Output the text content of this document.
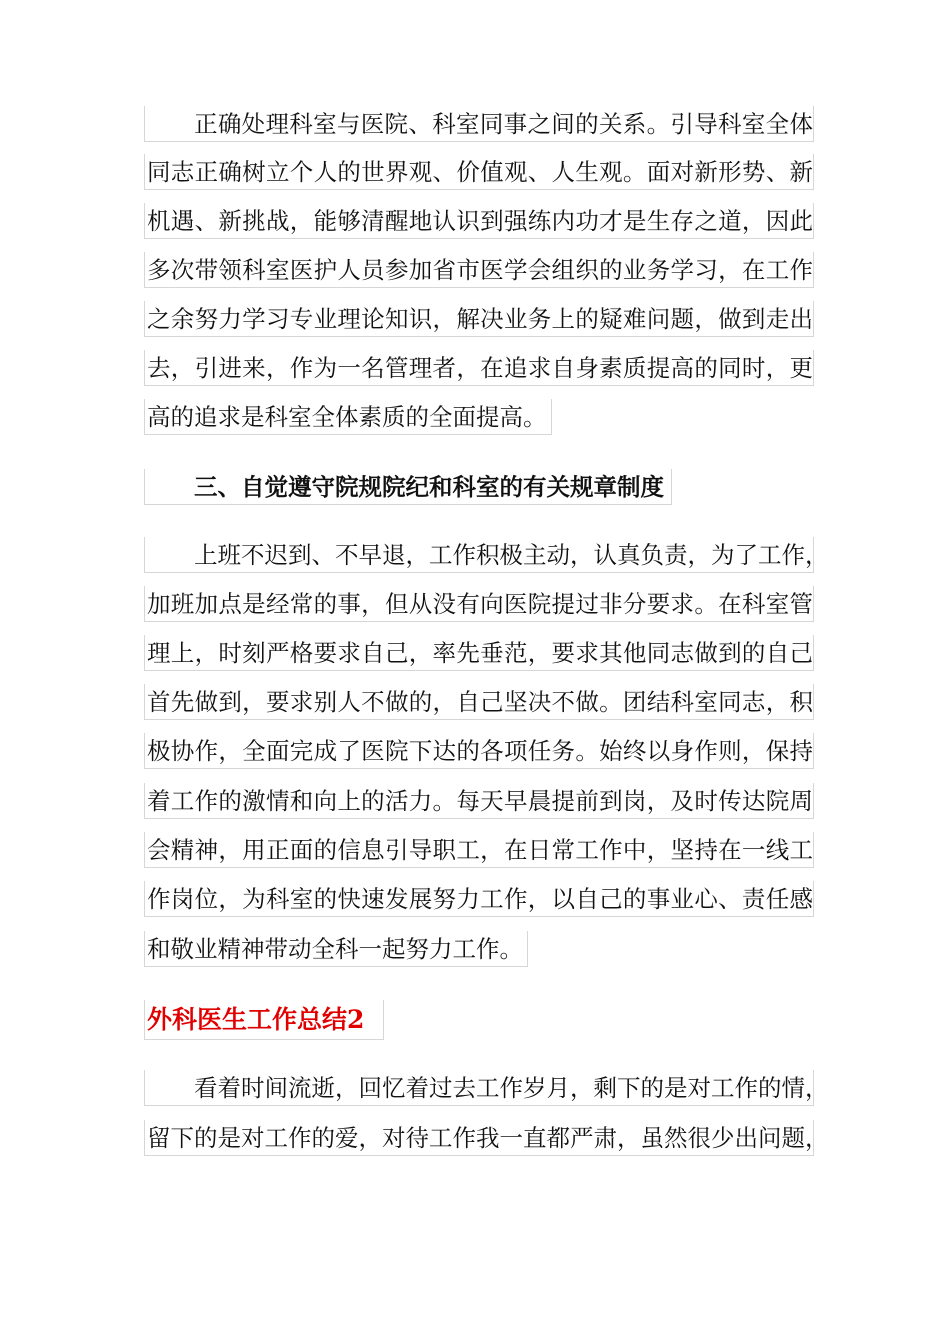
正确处理科室与医院、科室同事之间的关系。引导科室全体
同志正确树立个人的世界观、价值观、人生观。面对新形势、新
机遇、新挑战，能够清醒地认识到强练内功才是生存之道，因此
多次带领科室医护人员参加省市医学会组织的业务学习，在工作
之余努力学习专业理论知识，解决业务上的疑难问题，做到走出
去，引进来，作为一名管理者，在追求自身素质提高的同时，更
高的追求是科室全体素质的全面提高。
三、自觉遵守院规院纪和科室的有关规章制度
上班不迟到、不早退，工作积极主动，认真负责，为了工作，
加班加点是经常的事，但从没有向医院提过非分要求。在科室管
理上，时刻严格要求自己，率先垂范，要求其他同志做到的自己
首先做到，要求别人不做的，自己坚决不做。团结科室同志，积
极协作，全面完成了医院下达的各项任务。始终以身作则，保持
着工作的激情和向上的活力。每天早晨提前到岗，及时传达院周
会精神，用正面的信息引导职工，在日常工作中，坚持在一线工
作岗位，为科室的快速发展努力工作，以自己的事业心、责任感
和敬业精神带动全科一起努力工作。
外科医生工作总结2
看着时间流逝，回忆着过去工作岁月，剩下的是对工作的情，
留下的是对工作的爱，对待工作我一直都严肃，虽然很少出问题，
